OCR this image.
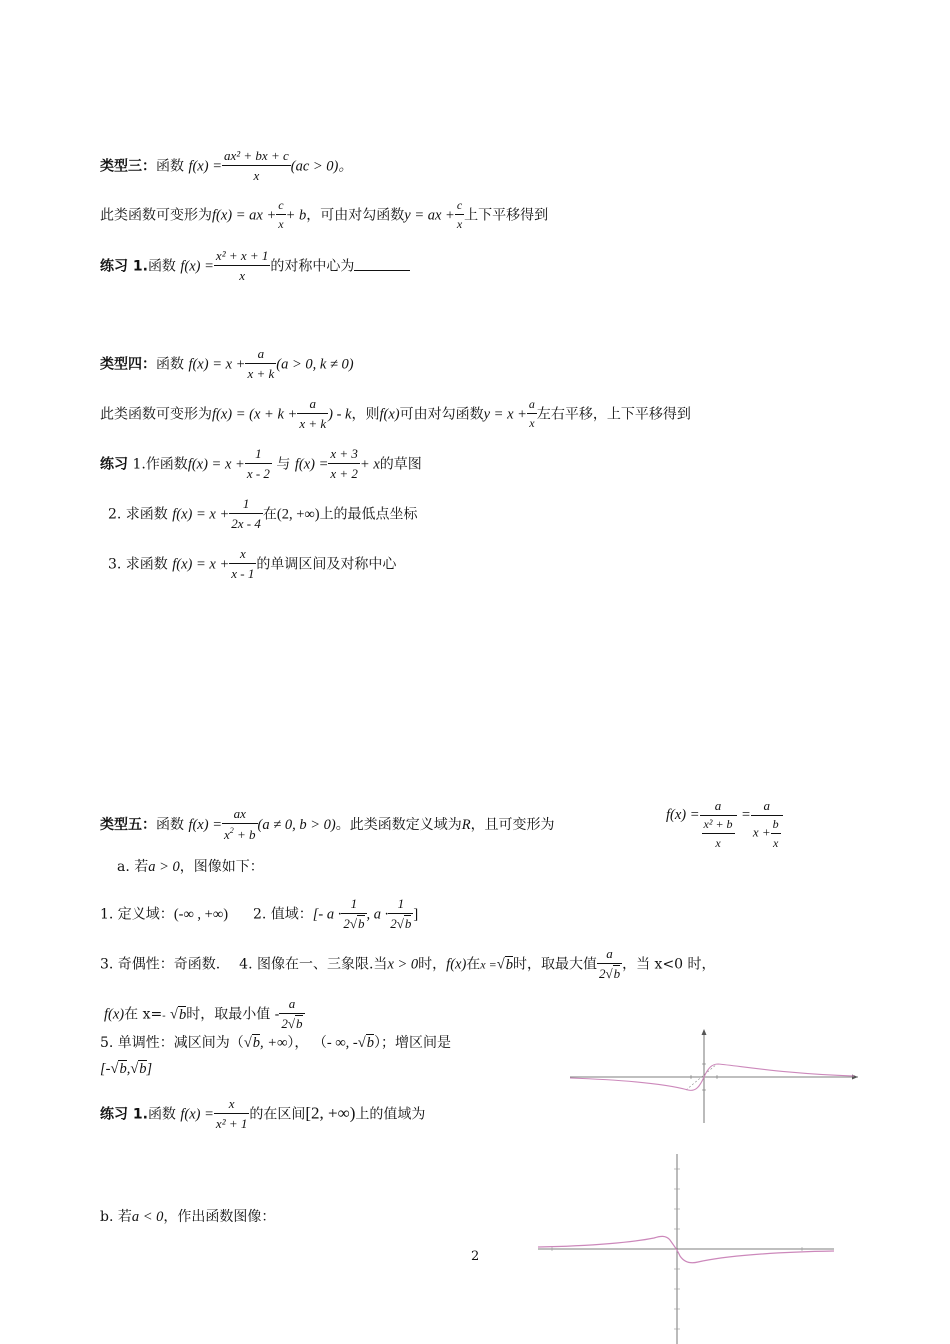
类型三：函数 $f(x) = \frac{\text{ax² + bx + c}}{x} (ac > 0)$。
此类函数可变形为f(x) = ax + $\frac{c}{x} + b$，可由对勾函数y = ax + $\frac{c}{x}$ 上下平移得到
练习 1.函数 $f(x) = \frac{\text{x² + x + 1}}{x}$ 的对称中心为
类型四：函数 $f(x) = x + \frac{a}{x + k} (a > 0$, k ≠ 0)
此类函数可变形为$f(x) = (x + k + \frac{a}{x + k}$ ) - k，则f(x)可由对勾函数$y = x + \frac{a}{x}$ 左右平移，上下平移得到
练习 1.作函数$f(x) = x + \frac{1}{x - 2}$ 与 $f(x) = \frac{x + 3}{x + 2} + x$的草图
2. 求函数 $f(x) = x + \frac{1}{2x - 4}$ 在(2, +∞)上的最低点坐标
3. 求函数 $f(x) = x + \frac{x}{x - 1}$ 的单调区间及对称中心
类型五：函数 $f(x) = \frac{ax}{x^2 + b} (a \ne 0$, b > 0)。此类函数定义域为R，且可变形为
$f(x) = \frac{a}{\frac{\text{x² + b}}{x}} = \frac{a}{x + \frac{b}{x}}$
a. 若a > 0，图像如下：
1. 定义域：(-∞ , +∞) 2. 值域：[- $a \cdot \frac{1}{2√b}$ , $a \cdot \frac{1}{2√b}$ ]
3. 奇偶性：奇函数. 4. 图像在一、三象限.当x > 0时，f(x)在x =√b时，取最大值 $\frac{a}{2√b}$ ，当 x<0 时，
f(x)在 x=- √b时，取最小值 - $\frac{a}{2√b}$
5. 单调性：减区间为（√b, +∞）， （- ∞, -√b）；增区间是
[-√b,√b]
练习 1.函数 $f(x) = \frac{x}{\text{x² + 1}}$ 的在区间[2, +∞)上的值域为
b. 若a < 0，作出函数图像：
2
